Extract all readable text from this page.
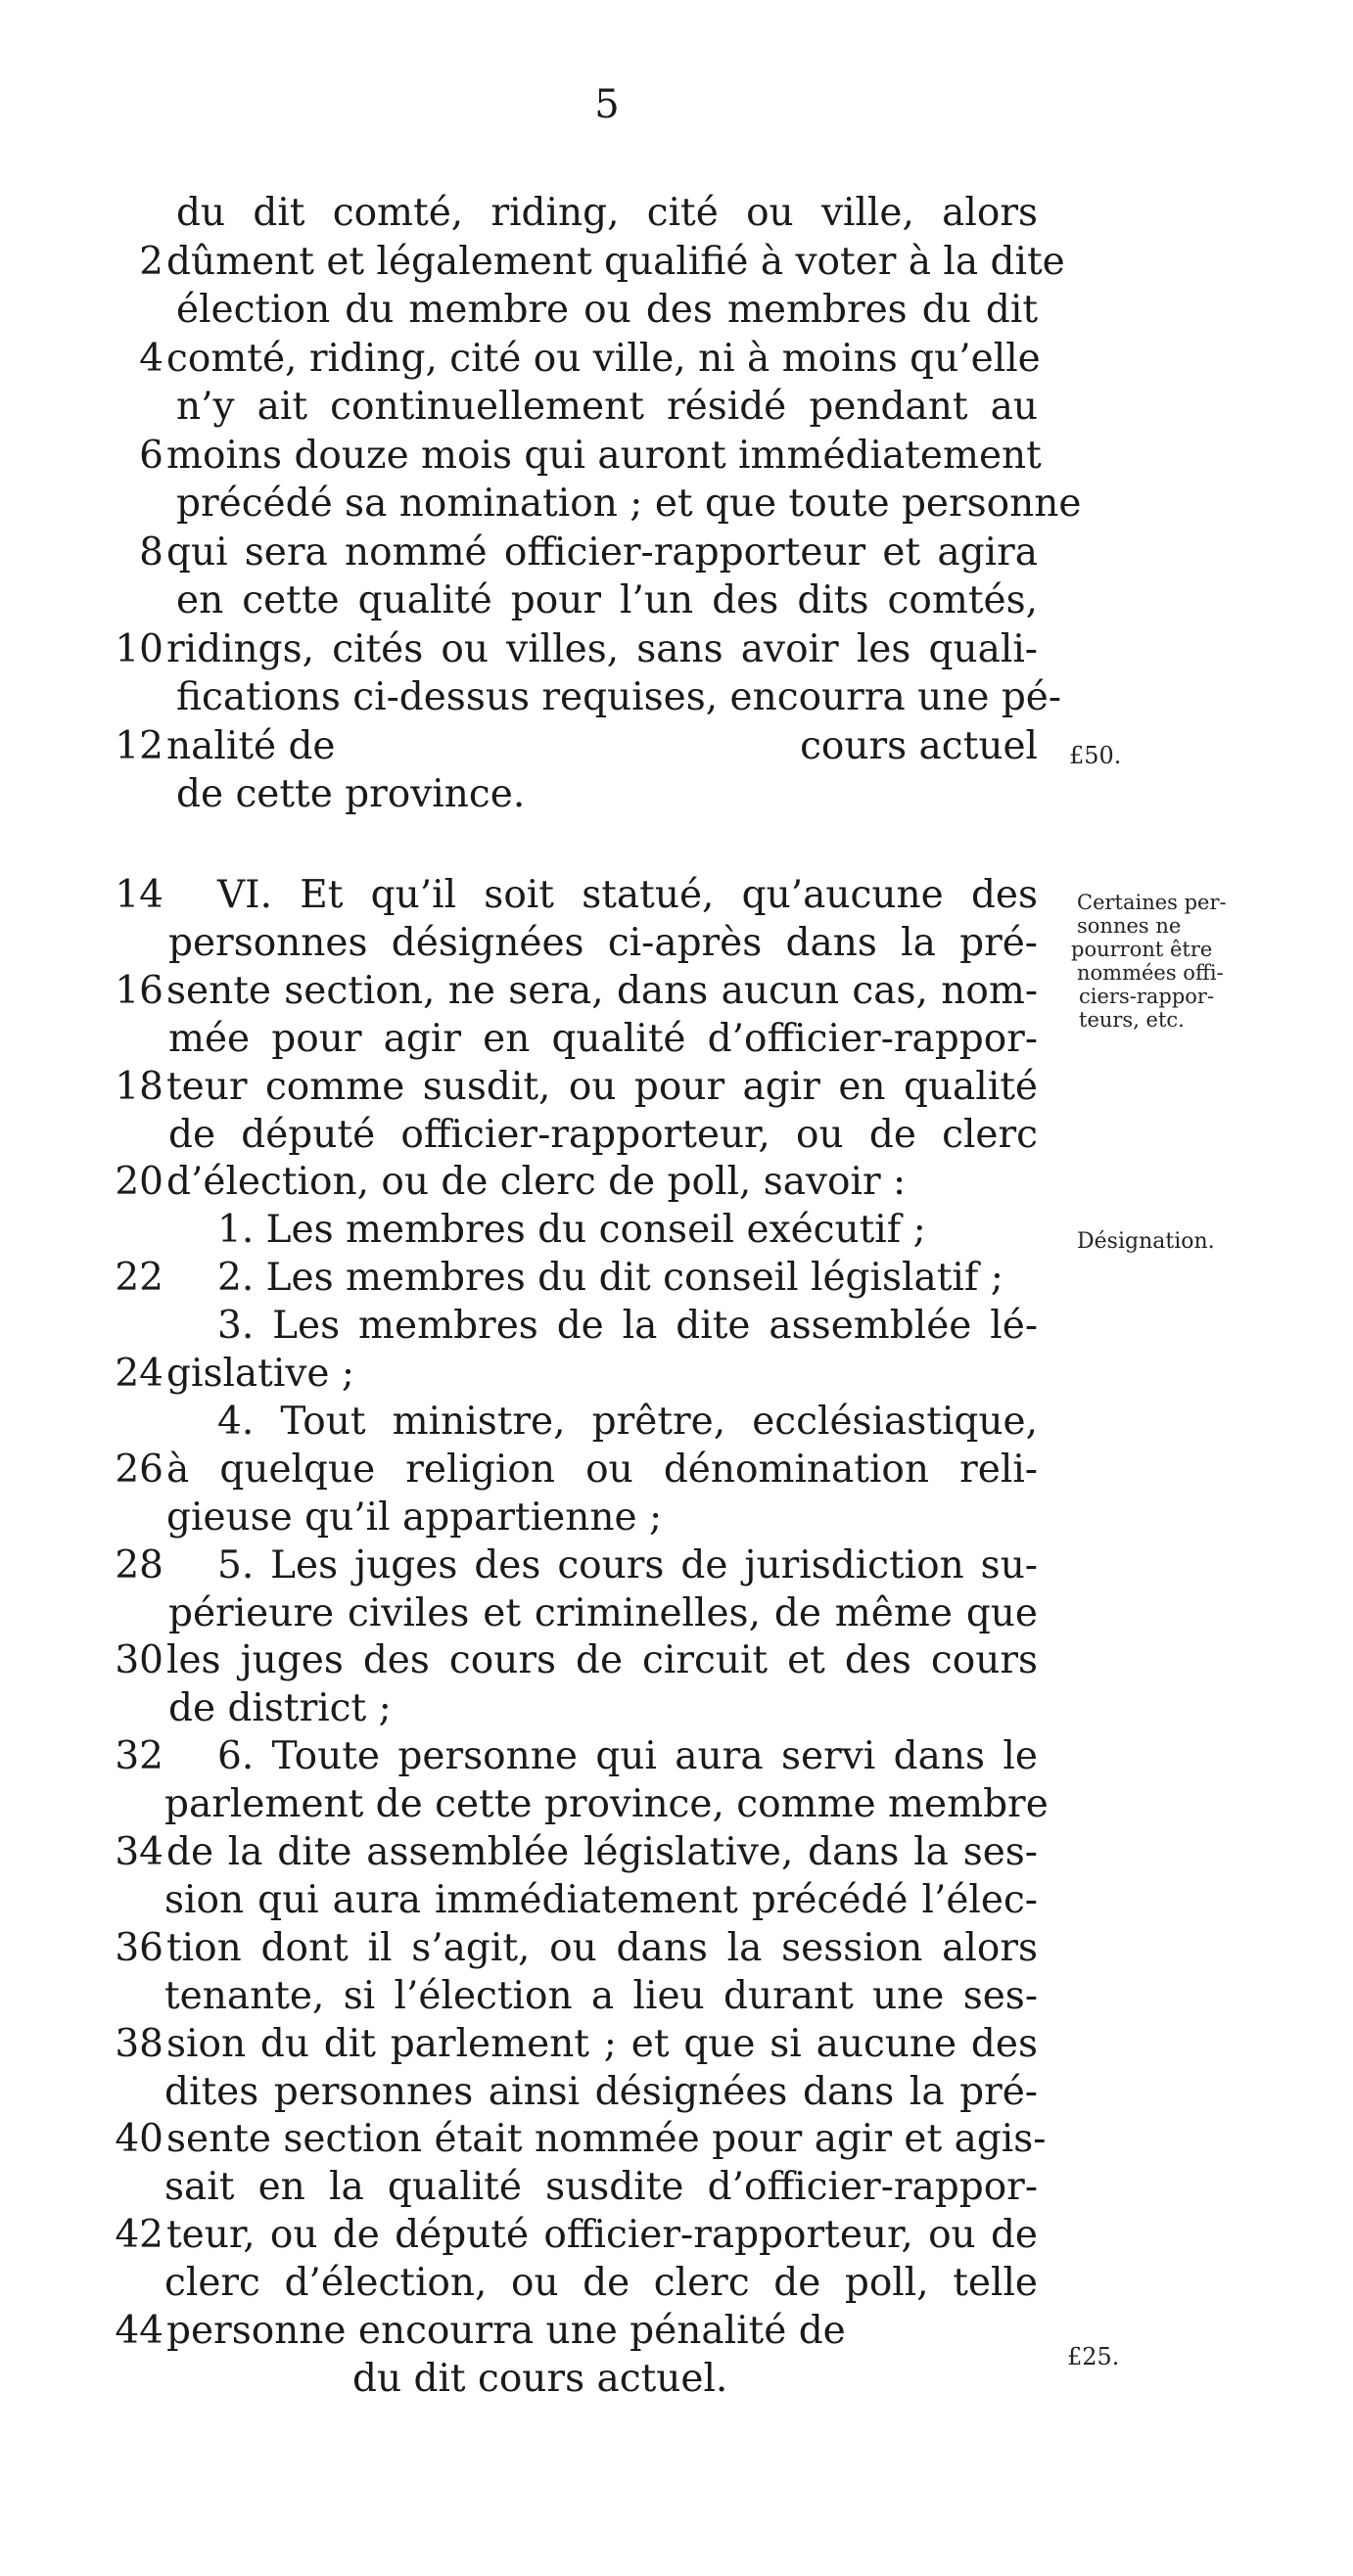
5
du dit comté, riding, cité ou ville, alors
2 dûment et légalement qualifié à voter à la dite
élection du membre ou des membres du dit
4 comté, riding, cité ou ville, ni à moins qu’elle
n’y ait continuellement résidé pendant au
6 moins douze mois qui auront immédiatement
précédé sa nomination ; et que toute personne
8 qui sera nommé officier-rapporteur et agira
en cette qualité pour l’un des dits comtés,
10 ridings, cités ou villes, sans avoir les quali-
fications ci-dessus requises, encourra une pé-
12 nalité de	cours actuel
de cette province.
14 VI. Et qu’il soit statué, qu’aucune des
personnes désignées ci-après dans la pré-
16 sente section, ne sera, dans aucun cas, nom-
mée pour agir en qualité d’officier-rappor-
18 teur comme susdit, ou pour agir en qualité
de député officier-rapporteur, ou de clerc
20 d’élection, ou de clerc de poll, savoir :
1. Les membres du conseil exécutif ;
22 2. Les membres du dit conseil législatif ;
3. Les membres de la dite assemblée lé-
24 gislative ;
4. Tout ministre, prêtre, ecclésiastique,
26 à quelque religion ou dénomination reli-
gieuse qu’il appartienne ;
28 5. Les juges des cours de jurisdiction su-
périeure civiles et criminelles, de même que
30 les juges des cours de circuit et des cours
de district ;
32 6. Toute personne qui aura servi dans le
parlement de cette province, comme membre
34 de la dite assemblée législative, dans la ses-
sion qui aura immédiatement précédé l’élec-
36 tion dont il s’agit, ou dans la session alors
tenante, si l’élection a lieu durant une ses-
38 sion du dit parlement ; et que si aucune des
dites personnes ainsi désignées dans la pré-
40 sente section était nommée pour agir et agis-
sait en la qualité susdite d’officier-rappor-
42 teur, ou de député officier-rapporteur, ou de
clerc d’élection, ou de clerc de poll, telle
44 personne encourra une pénalité de
du dit cours actuel.
£50.
Certaines per-
sonnes ne
pourront être
nommées offi-
ciers-rappor-
teurs, etc.
Désignation.
£25.
